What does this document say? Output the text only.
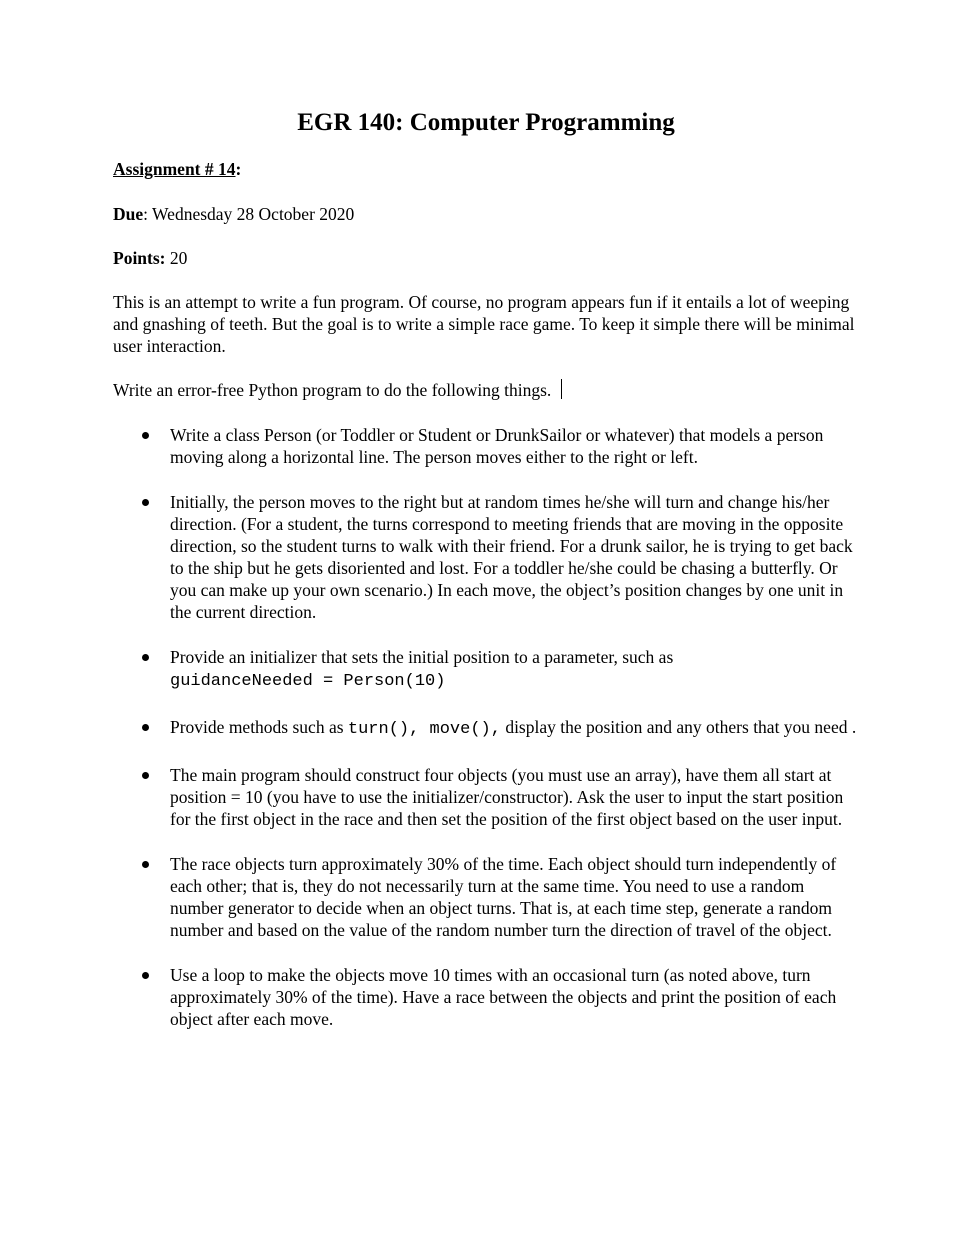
EGR 140: Computer Programming

Assignment # 14:

Due: Wednesday 28 October 2020

Points: 20

This is an attempt to write a fun program. Of course, no program appears fun if it entails a lot of weeping and gnashing of teeth. But the goal is to write a simple race game. To keep it simple there will be minimal user interaction.

Write an error-free Python program to do the following things.

Write a class Person (or Toddler or Student or DrunkSailor or whatever) that models a person moving along a horizontal line. The person moves either to the right or left.
Initially, the person moves to the right but at random times he/she will turn and change his/her direction. (For a student, the turns correspond to meeting friends that are moving in the opposite direction, so the student turns to walk with their friend. For a drunk sailor, he is trying to get back to the ship but he gets disoriented and lost. For a toddler he/she could be chasing a butterfly. Or you can make up your own scenario.) In each move, the object’s position changes by one unit in the current direction.
Provide an initializer that sets the initial position to a parameter, such as
guidanceNeeded = Person(10)
Provide methods such as turn(), move(), display the position and any others that you need .
The main program should construct four objects (you must use an array), have them all start at position = 10 (you have to use the initializer/constructor). Ask the user to input the start position for the first object in the race and then set the position of the first object based on the user input.
The race objects turn approximately 30% of the time. Each object should turn independently of each other; that is, they do not necessarily turn at the same time. You need to use a random number generator to decide when an object turns. That is, at each time step, generate a random number and based on the value of the random number turn the direction of travel of the object.
Use a loop to make the objects move 10 times with an occasional turn (as noted above, turn approximately 30% of the time). Have a race between the objects and print the position of each object after each move.
